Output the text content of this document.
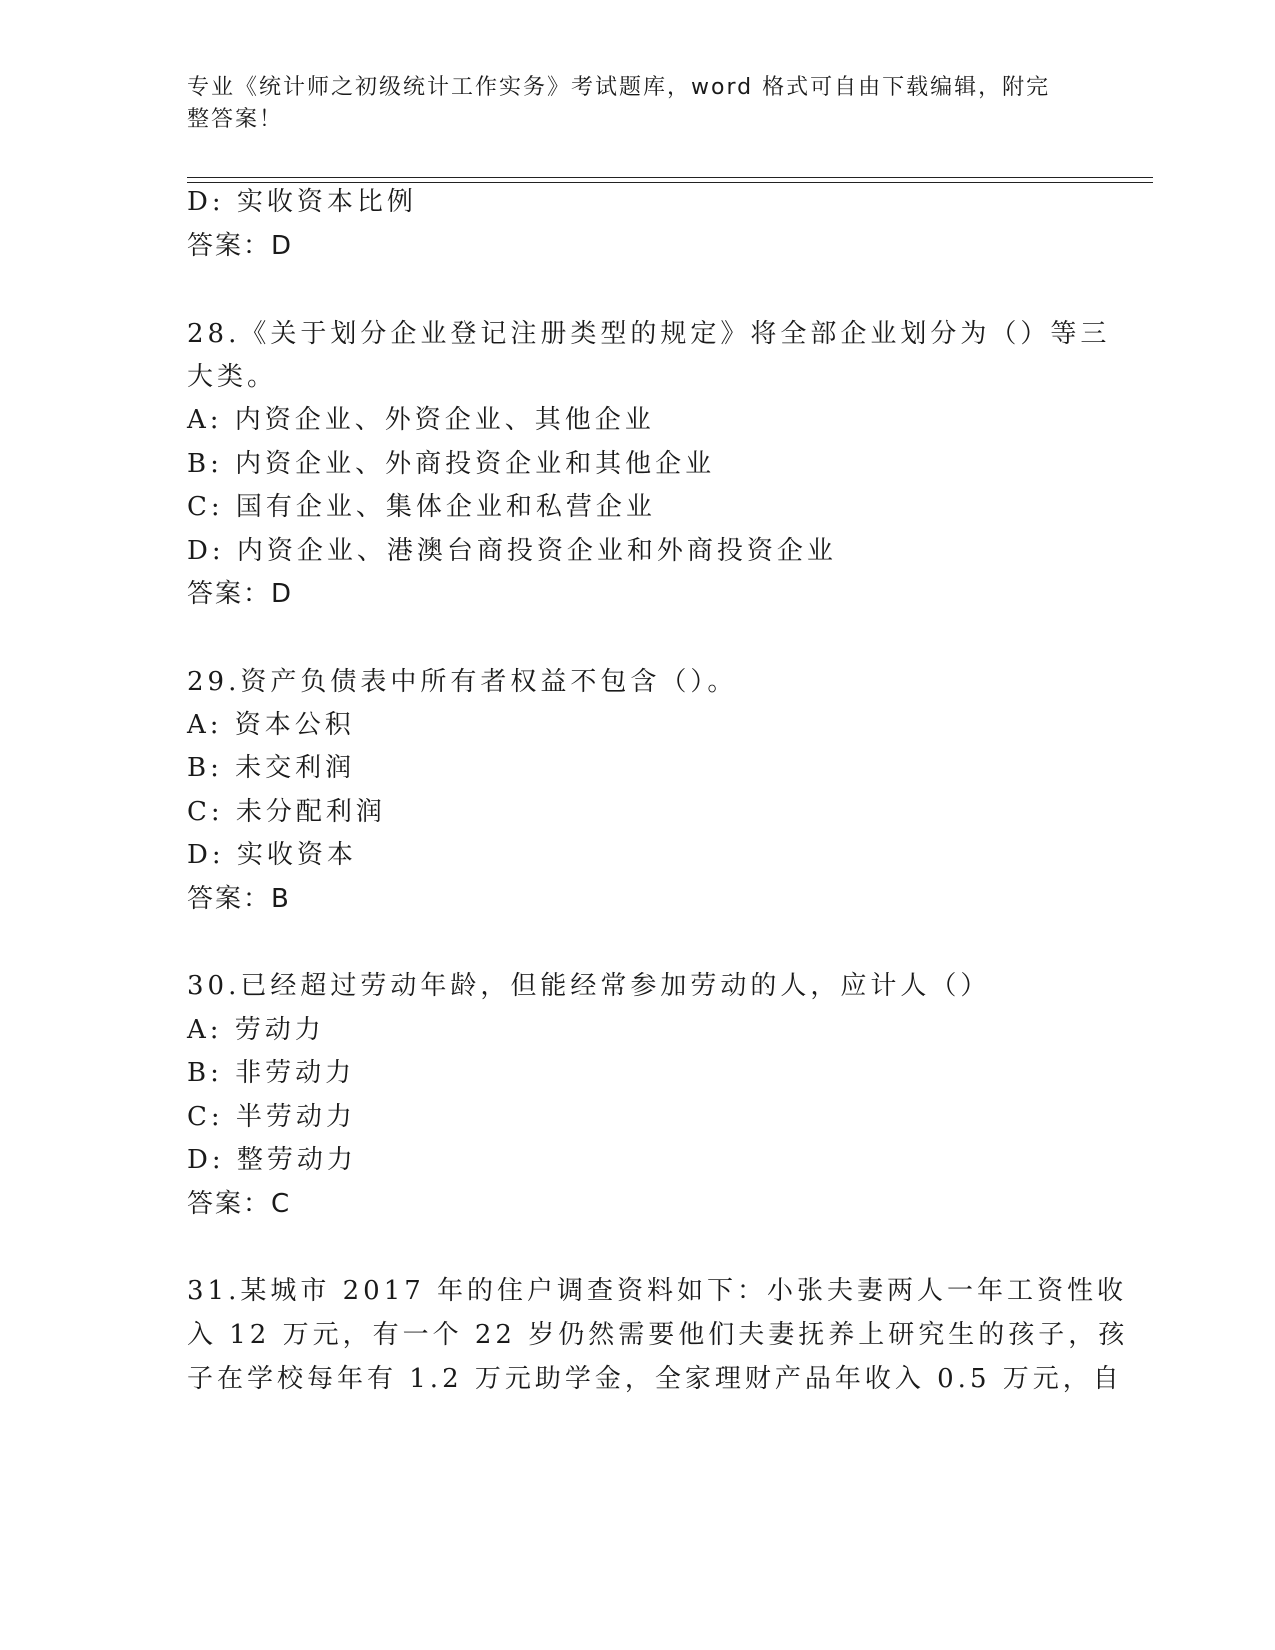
专业《统计师之初级统计工作实务》考试题库，word 格式可自由下载编辑，附完整答案！
D: 实收资本比例
答案：D
28.《关于划分企业登记注册类型的规定》将全部企业划分为（）等三
大类。
A: 内资企业、外资企业、其他企业
B: 内资企业、外商投资企业和其他企业
C: 国有企业、集体企业和私营企业
D: 内资企业、港澳台商投资企业和外商投资企业
答案：D
29.资产负债表中所有者权益不包含（）。
A: 资本公积
B: 未交利润
C: 未分配利润
D: 实收资本
答案：B
30.已经超过劳动年龄，但能经常参加劳动的人，应计人（）
A: 劳动力
B: 非劳动力
C: 半劳动力
D: 整劳动力
答案：C
31.某城市 2017 年的住户调查资料如下：小张夫妻两人一年工资性收
入 12 万元，有一个 22 岁仍然需要他们夫妻抚养上研究生的孩子，孩
子在学校每年有 1.2 万元助学金，全家理财产品年收入 0.5 万元，自
